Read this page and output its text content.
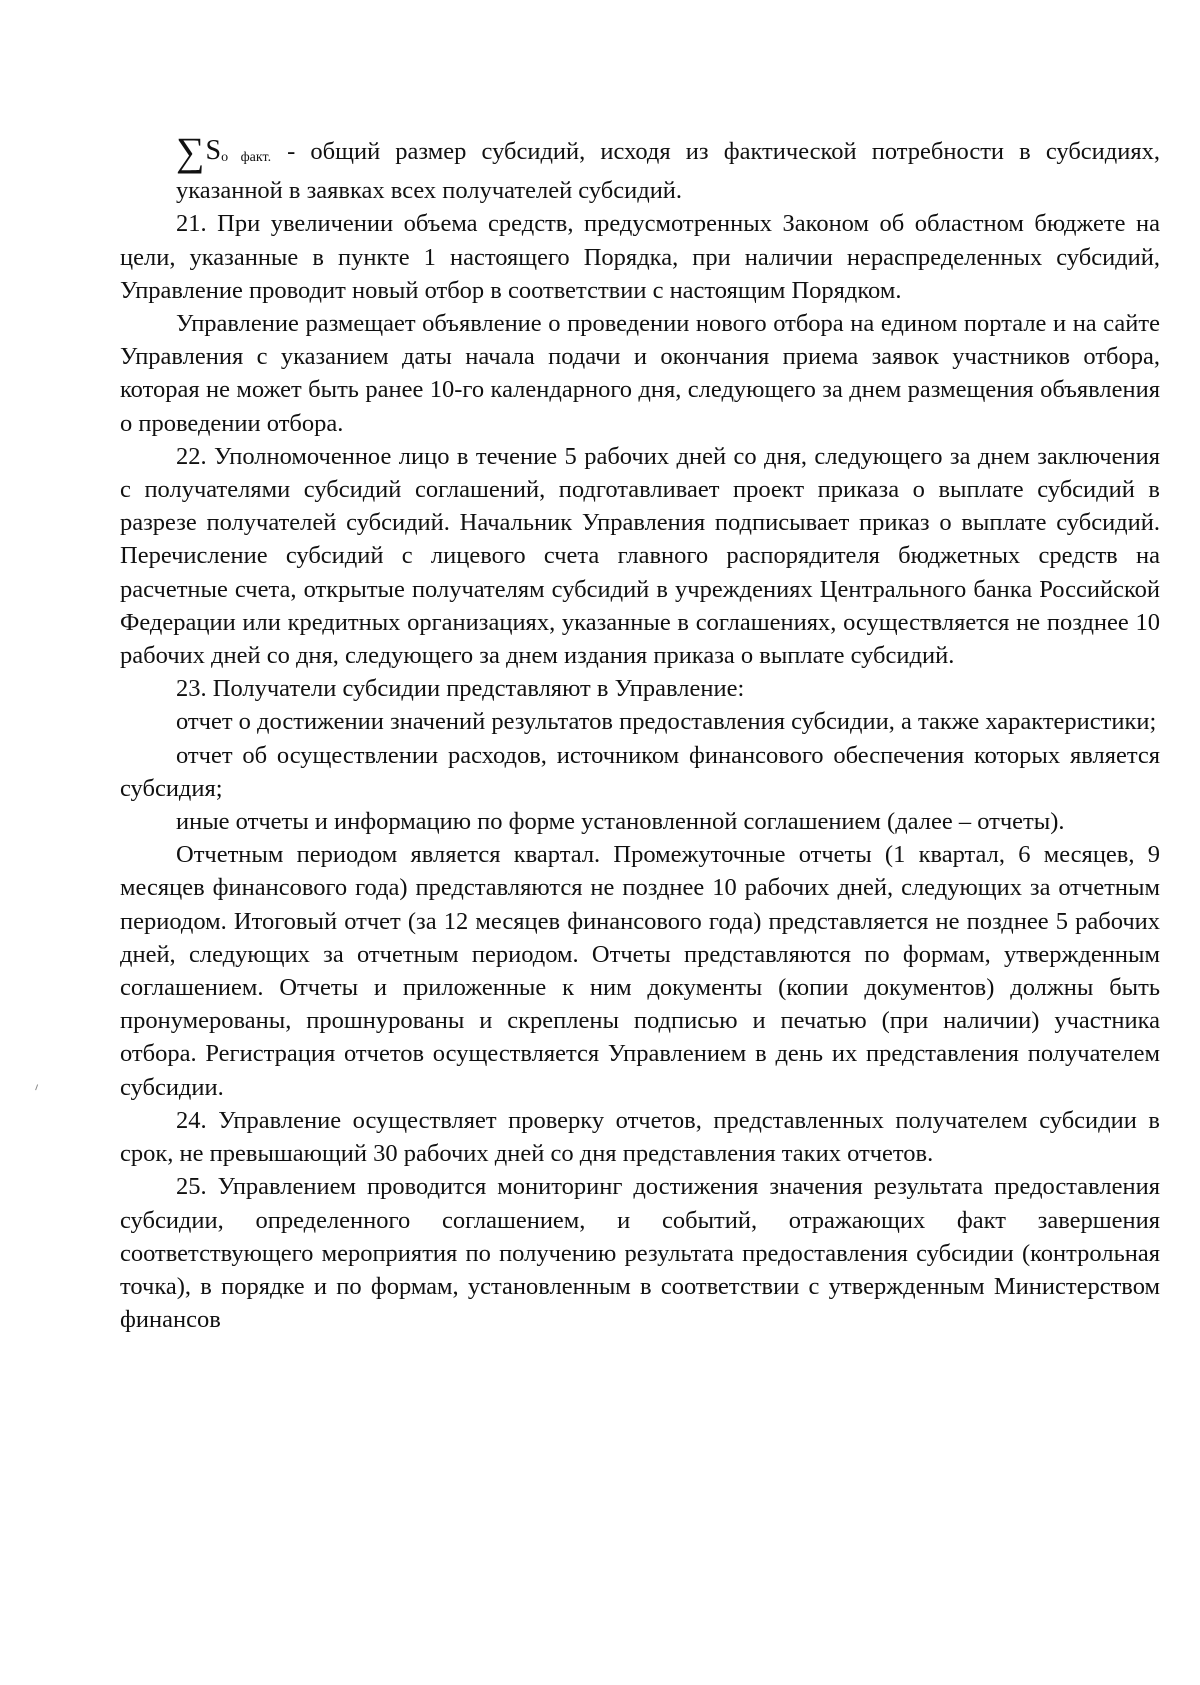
∑Sо факт. - общий размер субсидий, исходя из фактической потребности в субсидиях, указанной в заявках всех получателей субсидий.

21. При увеличении объема средств, предусмотренных Законом об областном бюджете на цели, указанные в пункте 1 настоящего Порядка, при наличии нераспределенных субсидий, Управление проводит новый отбор в соответствии с настоящим Порядком.

Управление размещает объявление о проведении нового отбора на едином портале и на сайте Управления с указанием даты начала подачи и окончания приема заявок участников отбора, которая не может быть ранее 10-го календарного дня, следующего за днем размещения объявления о проведении отбора.

22. Уполномоченное лицо в течение 5 рабочих дней со дня, следующего за днем заключения с получателями субсидий соглашений, подготавливает проект приказа о выплате субсидий в разрезе получателей субсидий. Начальник Управления подписывает приказ о выплате субсидий. Перечисление субсидий с лицевого счета главного распорядителя бюджетных средств на расчетные счета, открытые получателям субсидий в учреждениях Центрального банка Российской Федерации или кредитных организациях, указанные в соглашениях, осуществляется не позднее 10 рабочих дней со дня, следующего за днем издания приказа о выплате субсидий.

23. Получатели субсидии представляют в Управление:

отчет о достижении значений результатов предоставления субсидии, а также характеристики;

отчет об осуществлении расходов, источником финансового обеспечения которых является субсидия;

иные отчеты и информацию по форме установленной соглашением (далее – отчеты).

Отчетным периодом является квартал. Промежуточные отчеты (1 квартал, 6 месяцев, 9 месяцев финансового года) представляются не позднее 10 рабочих дней, следующих за отчетным периодом. Итоговый отчет (за 12 месяцев финансового года) представляется не позднее 5 рабочих дней, следующих за отчетным периодом. Отчеты представляются по формам, утвержденным соглашением. Отчеты и приложенные к ним документы (копии документов) должны быть пронумерованы, прошнурованы и скреплены подписью и печатью (при наличии) участника отбора. Регистрация отчетов осуществляется Управлением в день их представления получателем субсидии.

24. Управление осуществляет проверку отчетов, представленных получателем субсидии в срок, не превышающий 30 рабочих дней со дня представления таких отчетов.

25. Управлением проводится мониторинг достижения значения результата предоставления субсидии, определенного соглашением, и событий, отражающих факт завершения соответствующего мероприятия по получению результата предоставления субсидии (контрольная точка), в порядке и по формам, установленным в соответствии с утвержденным Министерством финансов
